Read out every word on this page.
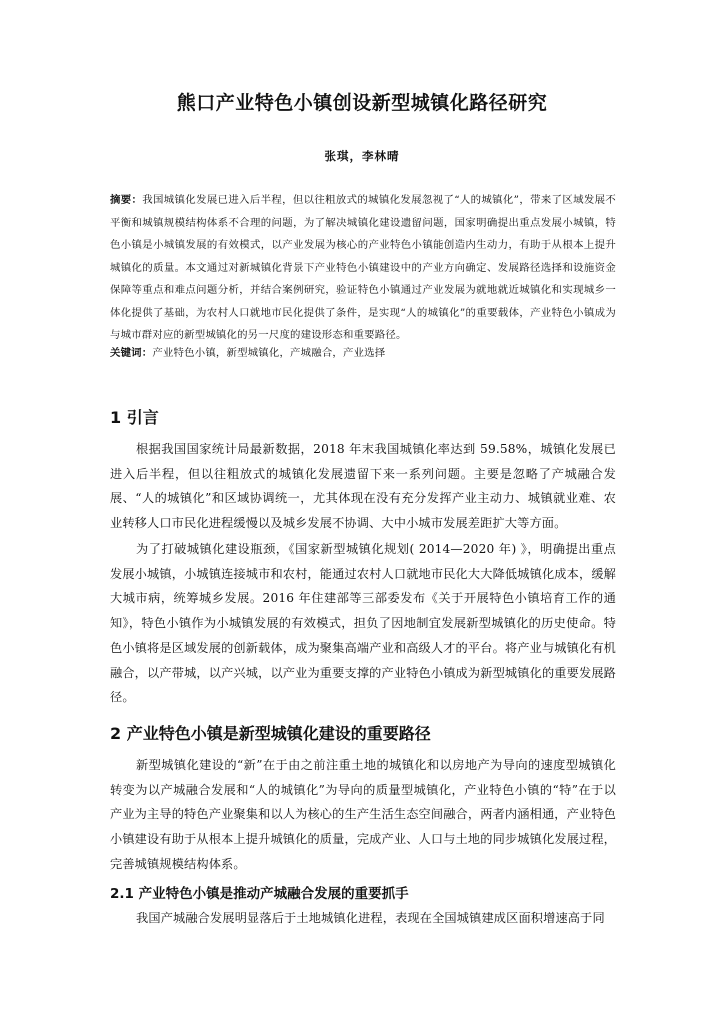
熊口产业特色小镇创设新型城镇化路径研究
张琪，李林晴
摘要：我国城镇化发展已进入后半程，但以往粗放式的城镇化发展忽视了“人的城镇化”，带来了区域发展不平衡和城镇规模结构体系不合理的问题，为了解决城镇化建设遗留问题，国家明确提出重点发展小城镇，特色小镇是小城镇发展的有效模式，以产业发展为核心的产业特色小镇能创造内生动力，有助于从根本上提升城镇化的质量。本文通过对新城镇化背景下产业特色小镇建设中的产业方向确定、发展路径选择和设施资金保障等重点和难点问题分析，并结合案例研究，验证特色小镇通过产业发展为就地就近城镇化和实现城乡一体化提供了基础，为农村人口就地市民化提供了条件，是实现“人的城镇化”的重要载体，产业特色小镇成为与城市群对应的新型城镇化的另一尺度的建设形态和重要路径。
关键词：产业特色小镇，新型城镇化，产城融合，产业选择
1 引言
根据我国国家统计局最新数据，2018 年末我国城镇化率达到 59.58%，城镇化发展已进入后半程，但以往粗放式的城镇化发展遗留下来一系列问题。主要是忽略了产城融合发展、“人的城镇化”和区域协调统一，尤其体现在没有充分发挥产业主动力、城镇就业难、农业转移人口市民化进程缓慢以及城乡发展不协调、大中小城市发展差距扩大等方面。
为了打破城镇化建设瓶颈，《国家新型城镇化规划( 2014—2020 年) 》，明确提出重点发展小城镇，小城镇连接城市和农村，能通过农村人口就地市民化大大降低城镇化成本，缓解大城市病，统筹城乡发展。2016 年住建部等三部委发布《关于开展特色小镇培育工作的通知》，特色小镇作为小城镇发展的有效模式，担负了因地制宜发展新型城镇化的历史使命。特色小镇将是区域发展的创新载体，成为聚集高端产业和高级人才的平台。将产业与城镇化有机融合，以产带城，以产兴城，以产业为重要支撑的产业特色小镇成为新型城镇化的重要发展路径。
2 产业特色小镇是新型城镇化建设的重要路径
新型城镇化建设的“新”在于由之前注重土地的城镇化和以房地产为导向的速度型城镇化转变为以产城融合发展和“人的城镇化”为导向的质量型城镇化，产业特色小镇的“特”在于以产业为主导的特色产业聚集和以人为核心的生产生活生态空间融合，两者内涵相通，产业特色小镇建设有助于从根本上提升城镇化的质量，完成产业、人口与土地的同步城镇化发展过程，完善城镇规模结构体系。
2.1 产业特色小镇是推动产城融合发展的重要抓手
我国产城融合发展明显落后于土地城镇化进程，表现在全国城镇建成区面积增速高于同
